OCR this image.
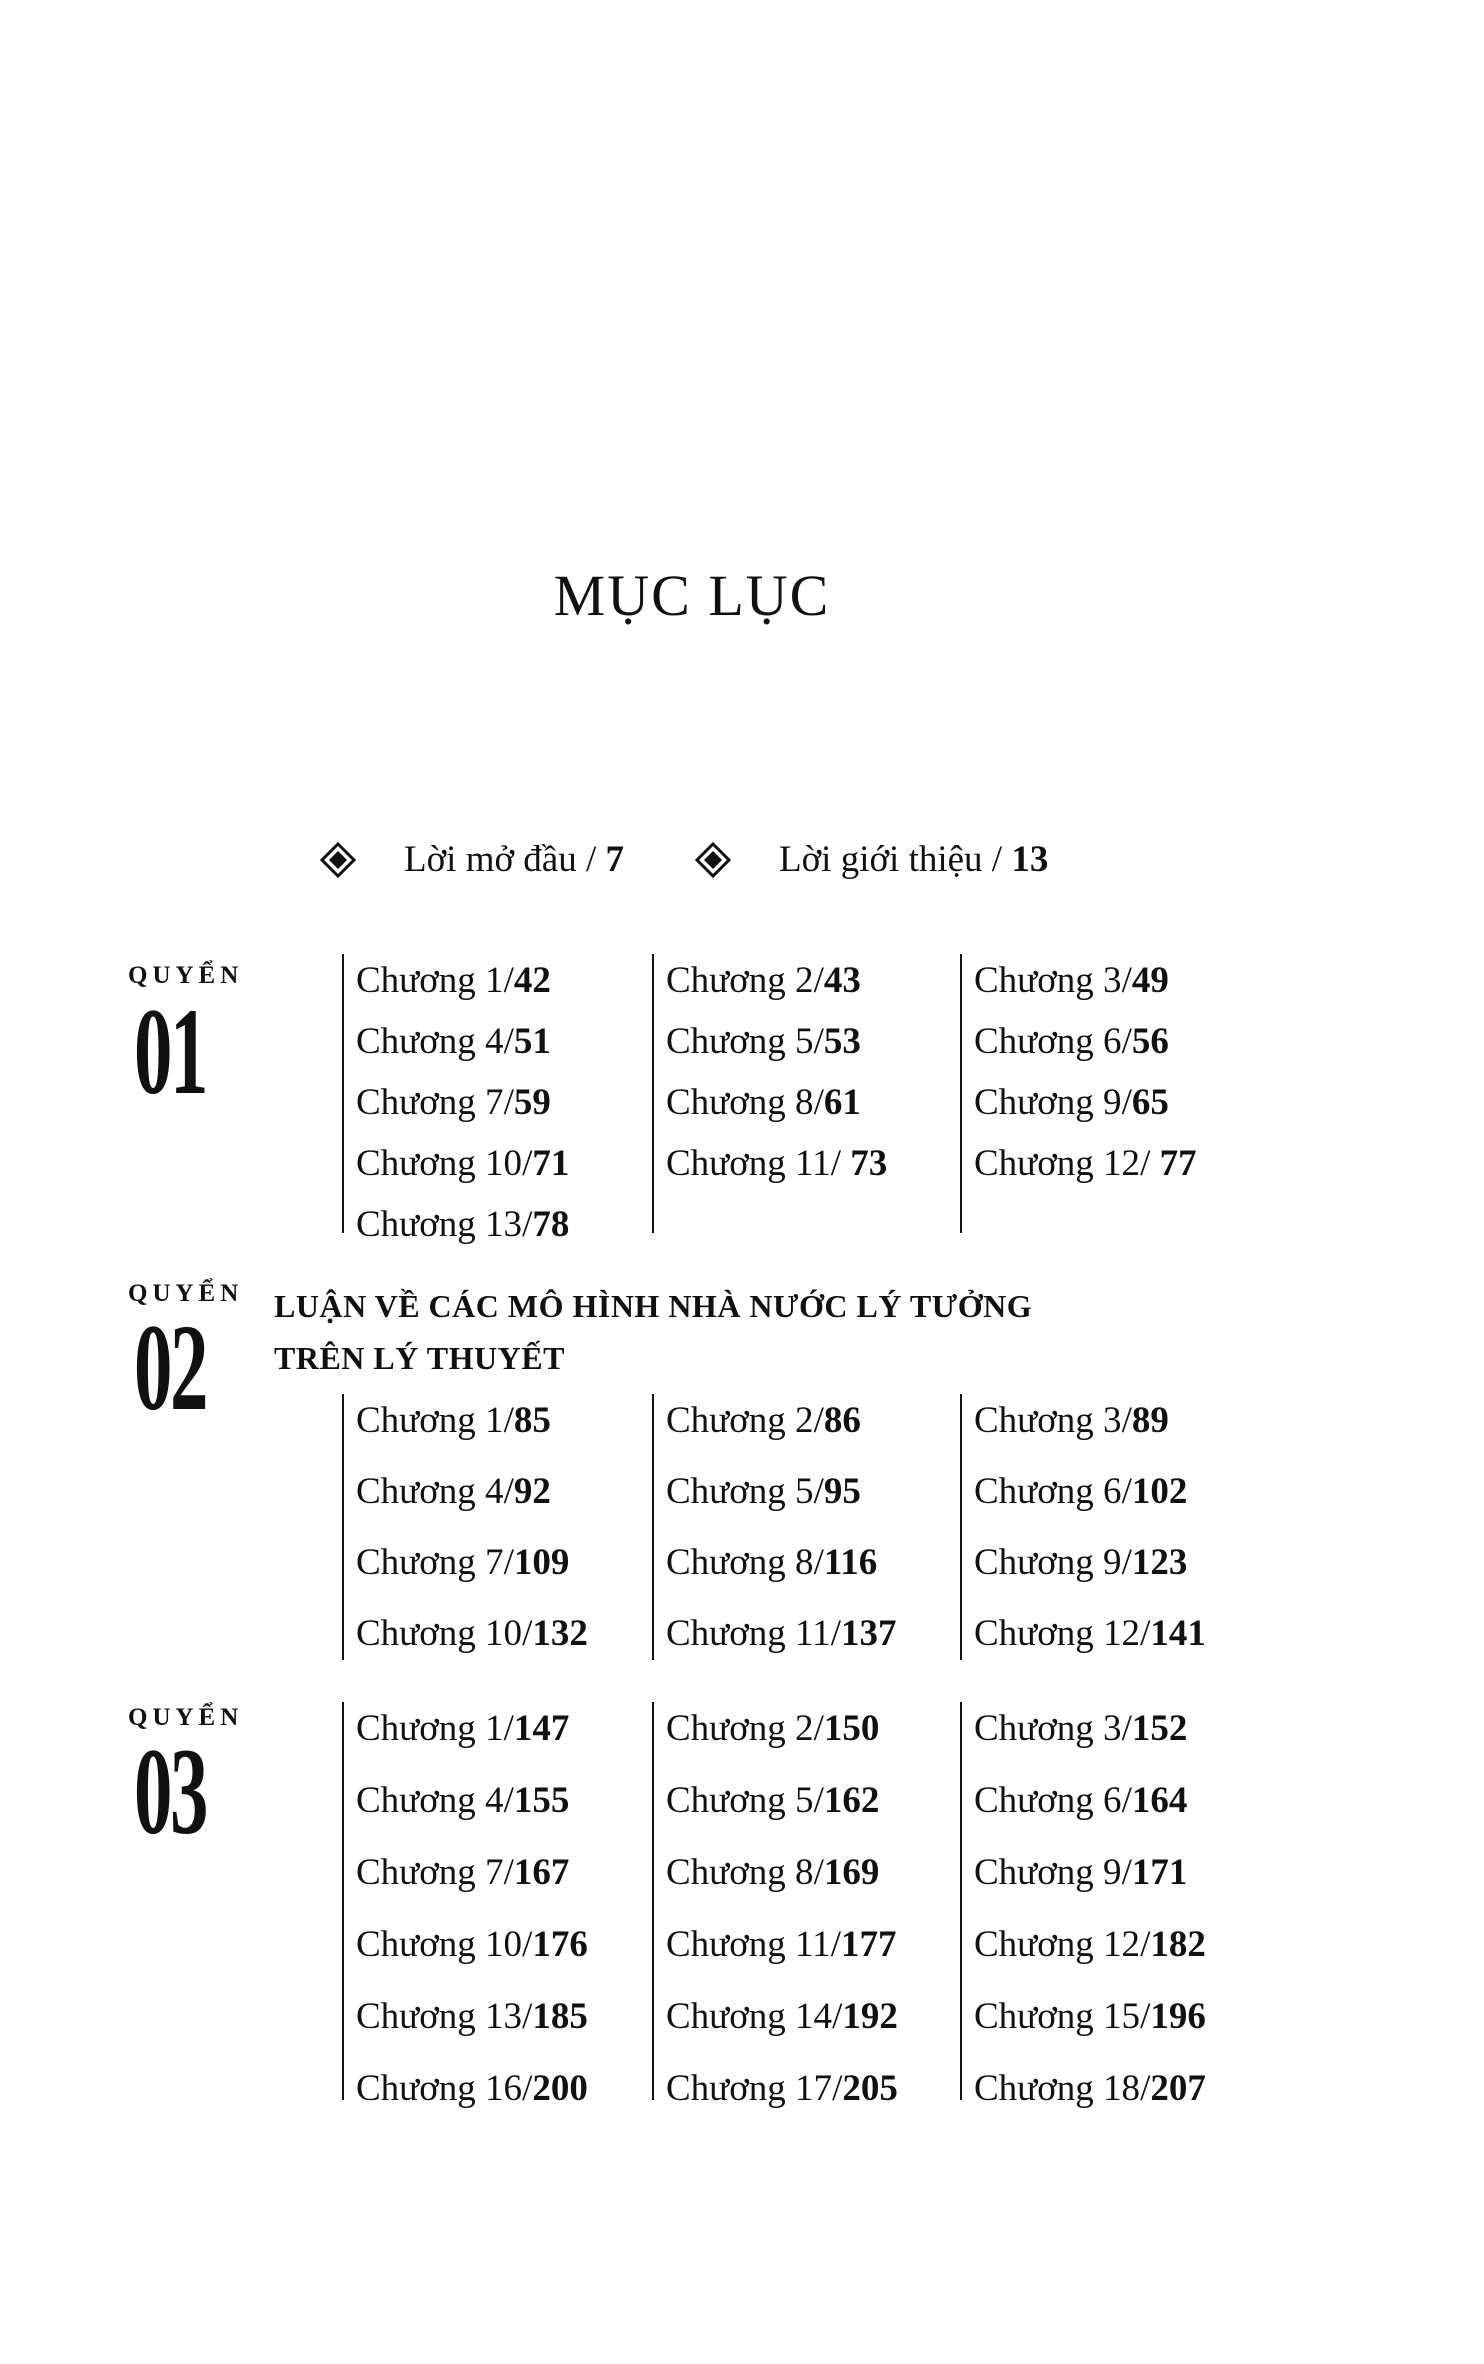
MỤC LỤC
Lời mở đầu / 7	Lời giới thiệu / 13
QUYỂN
01
Chương 1/42
Chương 4/51
Chương 7/59
Chương 10/71
Chương 13/78
Chương 2/43
Chương 5/53
Chương 8/61
Chương 11/ 73
Chương 3/49
Chương 6/56
Chương 9/65
Chương 12/ 77
QUYỂN
02 LUẬN VỀ CÁC MÔ HÌNH NHÀ NƯỚC LÝ TƯỞNG
TRÊN LÝ THUYẾT
Chương 1/85
Chương 4/92
Chương 7/109
Chương 10/132
Chương 2/86
Chương 5/95
Chương 8/116
Chương 11/137
Chương 3/89
Chương 6/102
Chương 9/123
Chương 12/141
QUYỂN
03	Chương 1/147
Chương 4/155
Chương 7/167
Chương 10/176
Chương 13/185
Chương 16/200
Chương 2/150
Chương 5/162
Chương 8/169
Chương 11/177
Chương 14/192
Chương 17/205
Chương 3/152
Chương 6/164
Chương 9/171
Chương 12/182
Chương 15/196
Chương 18/207
